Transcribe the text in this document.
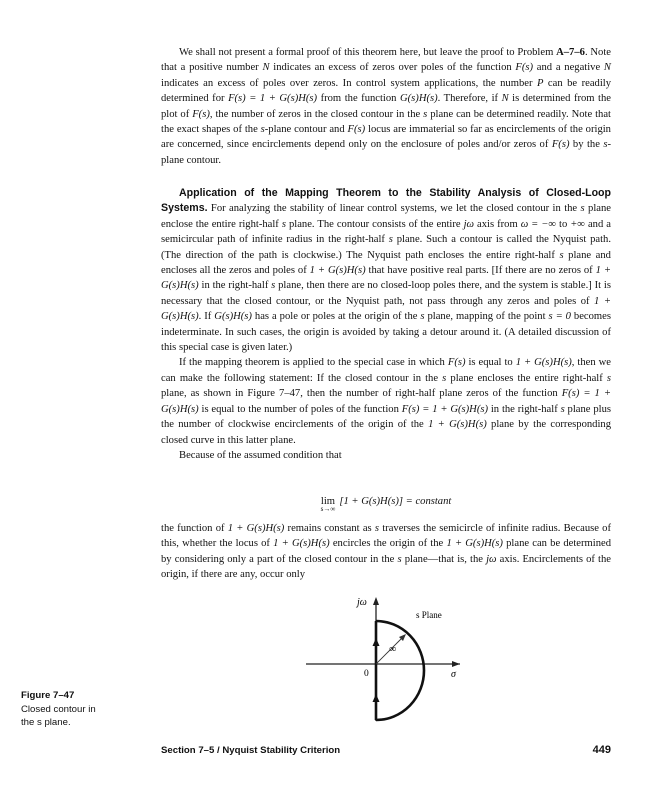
We shall not present a formal proof of this theorem here, but leave the proof to Problem A–7–6. Note that a positive number N indicates an excess of zeros over poles of the function F(s) and a negative N indicates an excess of poles over zeros. In control system applications, the number P can be readily determined for F(s) = 1 + G(s)H(s) from the function G(s)H(s). Therefore, if N is determined from the plot of F(s), the number of zeros in the closed contour in the s plane can be determined readily. Note that the exact shapes of the s-plane contour and F(s) locus are immaterial so far as encirclements of the origin are concerned, since encirclements depend only on the enclosure of poles and/or zeros of F(s) by the s-plane contour.

Application of the Mapping Theorem to the Stability Analysis of Closed-Loop Systems. For analyzing the stability of linear control systems, we let the closed contour in the s plane enclose the entire right-half s plane. The contour consists of the entire jω axis from ω = −∞ to +∞ and a semicircular path of infinite radius in the right-half s plane. Such a contour is called the Nyquist path. (The direction of the path is clockwise.) The Nyquist path encloses the entire right-half s plane and encloses all the zeros and poles of 1 + G(s)H(s) that have positive real parts. [If there are no zeros of 1 + G(s)H(s) in the right-half s plane, then there are no closed-loop poles there, and the system is stable.] It is necessary that the closed contour, or the Nyquist path, not pass through any zeros and poles of 1 + G(s)H(s). If G(s)H(s) has a pole or poles at the origin of the s plane, mapping of the point s = 0 becomes indeterminate. In such cases, the origin is avoided by taking a detour around it. (A detailed discussion of this special case is given later.)

If the mapping theorem is applied to the special case in which F(s) is equal to 1 + G(s)H(s), then we can make the following statement: If the closed contour in the s plane encloses the entire right-half s plane, as shown in Figure 7–47, then the number of right-half plane zeros of the function F(s) = 1 + G(s)H(s) is equal to the number of poles of the function F(s) = 1 + G(s)H(s) in the right-half s plane plus the number of clockwise encirclements of the origin of the 1 + G(s)H(s) plane by the corresponding closed curve in this latter plane.

Because of the assumed condition that

lim
s→∞
[1 + G(s)H(s)] = constant

the function of 1 + G(s)H(s) remains constant as s traverses the semicircle of infinite radius. Because of this, whether the locus of 1 + G(s)H(s) encircles the origin of the 1 + G(s)H(s) plane can be determined by considering only a part of the closed contour in the s plane—that is, the jω axis. Encirclements of the origin, if there are any, occur only

∞
jω
s Plane
0	σ
Figure 7–47
Closed contour in
the s plane.
Section 7–5 / Nyquist Stability Criterion	449
